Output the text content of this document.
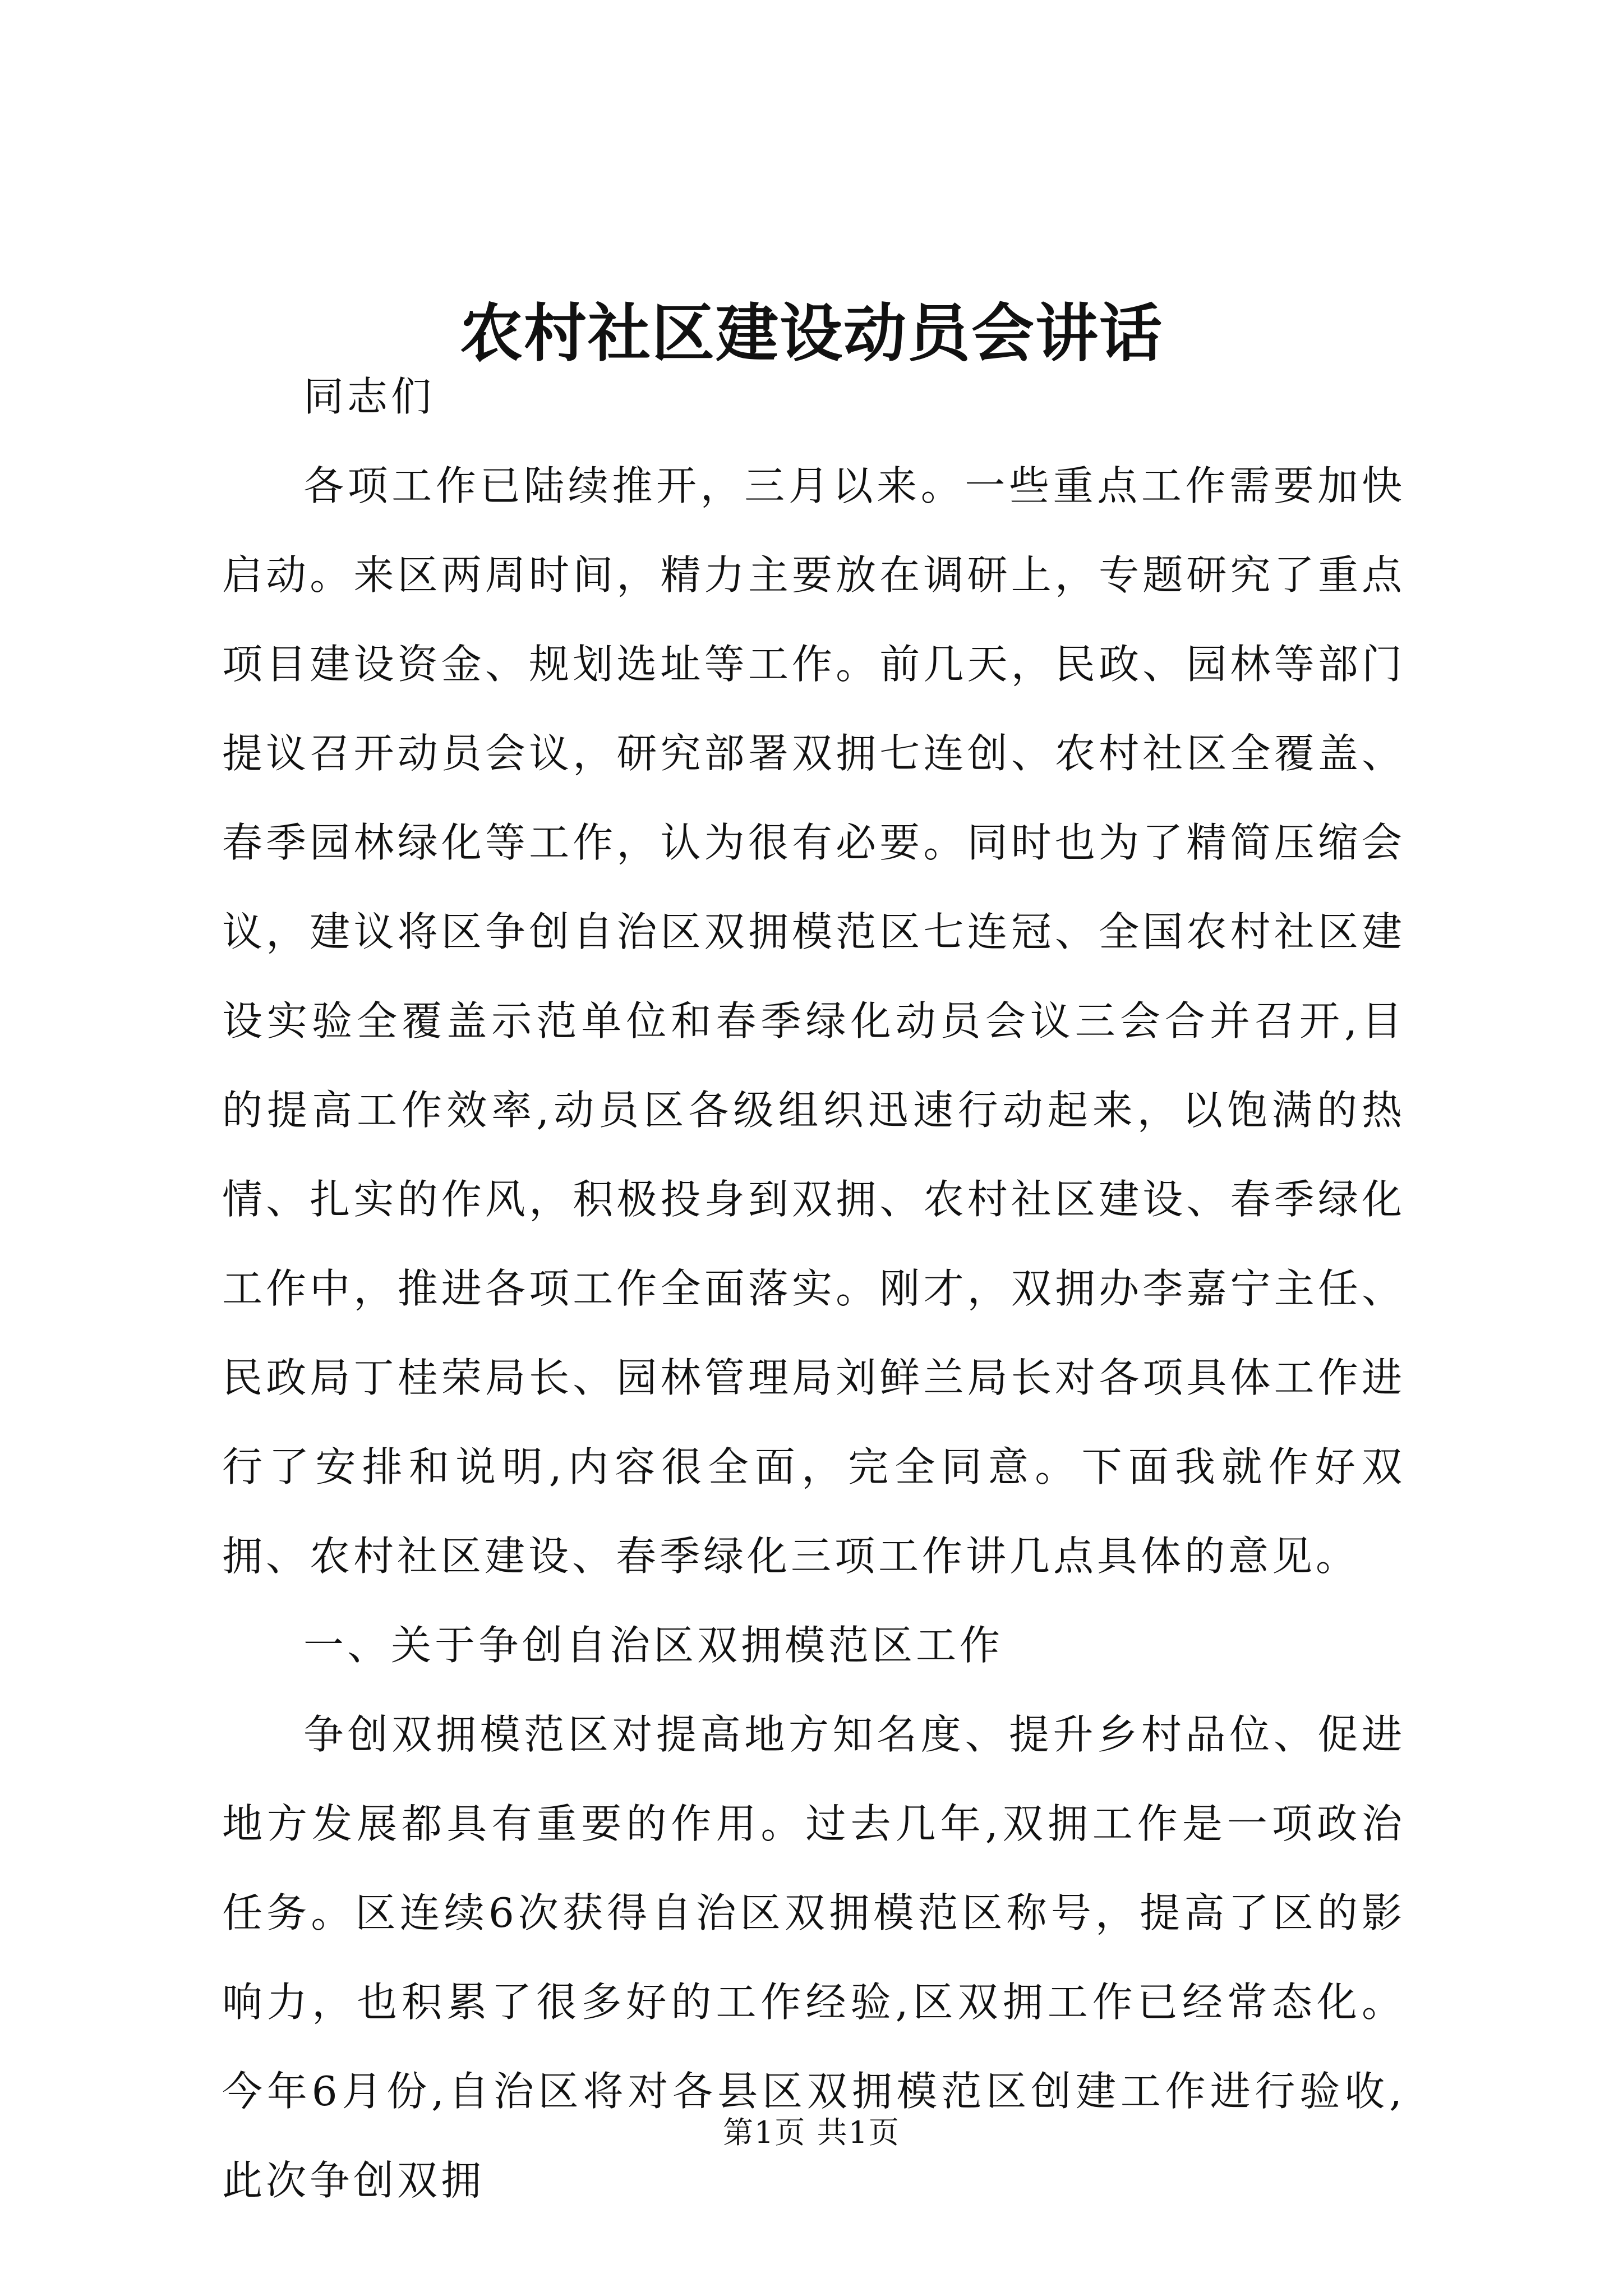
农村社区建设动员会讲话

同志们

各项工作已陆续推开，三月以来。一些重点工作需要加快启动。来区两周时间，精力主要放在调研上，专题研究了重点项目建设资金、规划选址等工作。前几天，民政、园林等部门提议召开动员会议，研究部署双拥七连创、农村社区全覆盖、春季园林绿化等工作，认为很有必要。同时也为了精简压缩会议，建议将区争创自治区双拥模范区七连冠、全国农村社区建设实验全覆盖示范单位和春季绿化动员会议三会合并召开,目的提高工作效率,动员区各级组织迅速行动起来，以饱满的热情、扎实的作风，积极投身到双拥、农村社区建设、春季绿化工作中，推进各项工作全面落实。刚才，双拥办李嘉宁主任、民政局丁桂荣局长、园林管理局刘鲜兰局长对各项具体工作进行了安排和说明,内容很全面，完全同意。下面我就作好双拥、农村社区建设、春季绿化三项工作讲几点具体的意见。

一、关于争创自治区双拥模范区工作

争创双拥模范区对提高地方知名度、提升乡村品位、促进地方发展都具有重要的作用。过去几年,双拥工作是一项政治任务。区连续6次获得自治区双拥模范区称号，提高了区的影响力，也积累了很多好的工作经验,区双拥工作已经常态化。今年6月份,自治区将对各县区双拥模范区创建工作进行验收,此次争创双拥

第1页 共1页
